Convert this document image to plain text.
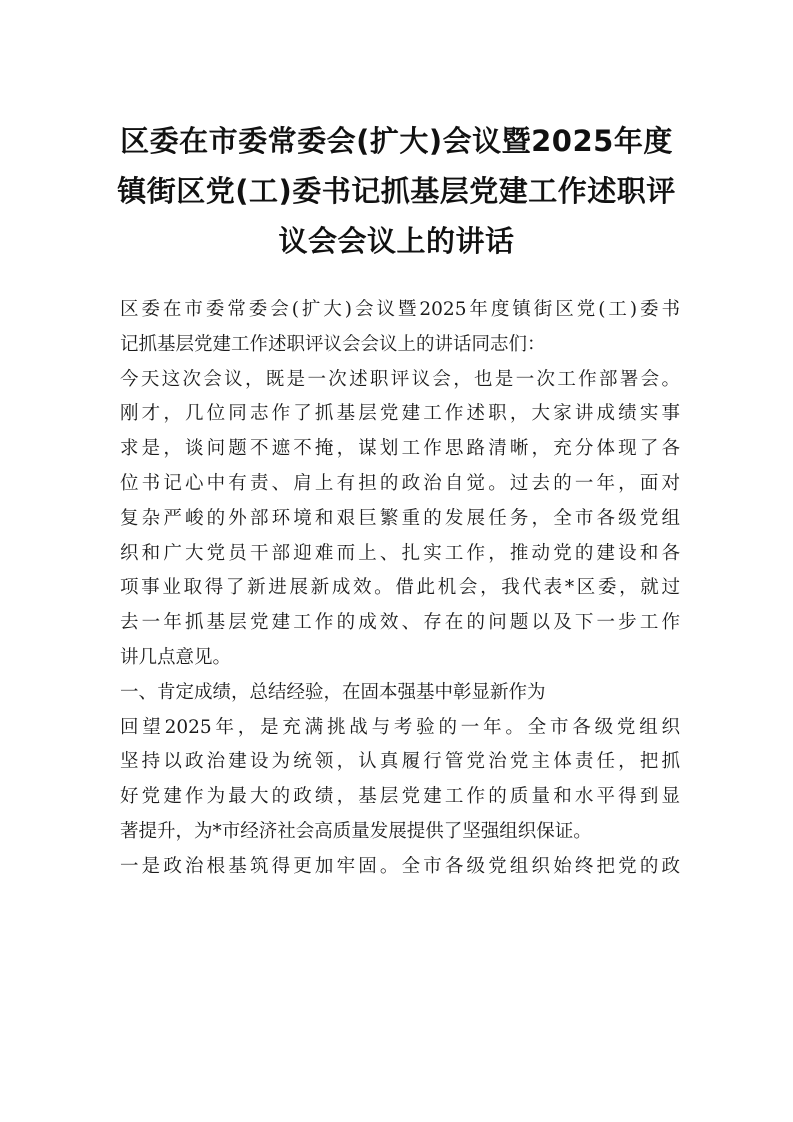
区委在市委常委会(扩大)会议暨2025年度
镇街区党(工)委书记抓基层党建工作述职评
议会会议上的讲话
区委在市委常委会(扩大)会议暨2025年度镇街区党(工)委书
记抓基层党建工作述职评议会会议上的讲话同志们：
今天这次会议，既是一次述职评议会，也是一次工作部署会。
刚才，几位同志作了抓基层党建工作述职，大家讲成绩实事
求是，谈问题不遮不掩，谋划工作思路清晰，充分体现了各
位书记心中有责、肩上有担的政治自觉。过去的一年，面对
复杂严峻的外部环境和艰巨繁重的发展任务，全市各级党组
织和广大党员干部迎难而上、扎实工作，推动党的建设和各
项事业取得了新进展新成效。借此机会，我代表*区委，就过
去一年抓基层党建工作的成效、存在的问题以及下一步工作
讲几点意见。
一、肯定成绩，总结经验，在固本强基中彰显新作为
回望2025年，是充满挑战与考验的一年。全市各级党组织
坚持以政治建设为统领，认真履行管党治党主体责任，把抓
好党建作为最大的政绩，基层党建工作的质量和水平得到显
著提升，为*市经济社会高质量发展提供了坚强组织保证。
一是政治根基筑得更加牢固。全市各级党组织始终把党的政
